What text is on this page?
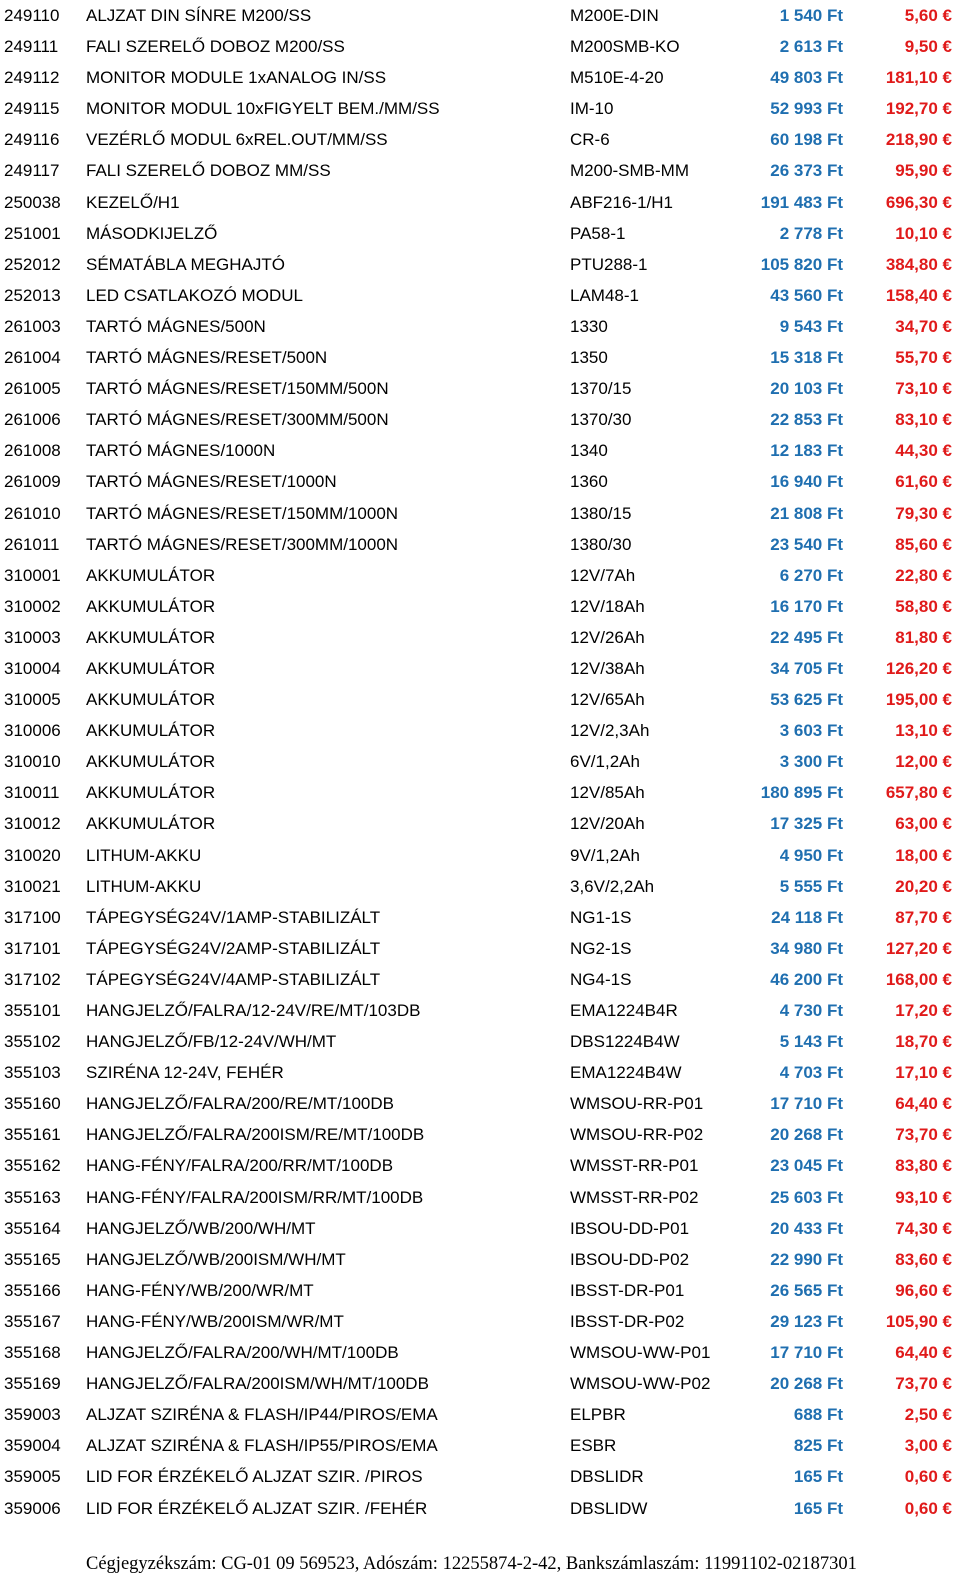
249110 ALJZAT DIN SÍNRE M200/SS	M200E-DIN	1 540 Ft	5,60 €
249111 FALI SZERELŐ DOBOZ M200/SS	M200SMB-KO	2 613 Ft	9,50 €
249112 MONITOR MODULE 1xANALOG IN/SS	M510E-4-20	49 803 Ft	181,10 €
249115 MONITOR MODUL 10xFIGYELT BEM./MM/SS	IM-10	52 993 Ft	192,70 €
249116 VEZÉRLŐ MODUL 6xREL.OUT/MM/SS	CR-6	60 198 Ft	218,90 €
249117 FALI SZERELŐ DOBOZ MM/SS	M200-SMB-MM	26 373 Ft	95,90 €
250038 KEZELŐ/H1	ABF216-1/H1	191 483 Ft	696,30 €
251001 MÁSODKIJELZŐ	PA58-1	2 778 Ft	10,10 €
252012 SÉMATÁBLA MEGHAJTÓ	PTU288-1	105 820 Ft	384,80 €
252013 LED CSATLAKOZÓ MODUL	LAM48-1	43 560 Ft	158,40 €
261003 TARTÓ MÁGNES/500N	1330	9 543 Ft	34,70 €
261004 TARTÓ MÁGNES/RESET/500N	1350	15 318 Ft	55,70 €
261005 TARTÓ MÁGNES/RESET/150MM/500N	1370/15	20 103 Ft	73,10 €
261006 TARTÓ MÁGNES/RESET/300MM/500N	1370/30	22 853 Ft	83,10 €
261008 TARTÓ MÁGNES/1000N	1340	12 183 Ft	44,30 €
261009 TARTÓ MÁGNES/RESET/1000N	1360	16 940 Ft	61,60 €
261010 TARTÓ MÁGNES/RESET/150MM/1000N	1380/15	21 808 Ft	79,30 €
261011 TARTÓ MÁGNES/RESET/300MM/1000N	1380/30	23 540 Ft	85,60 €
310001 AKKUMULÁTOR	12V/7Ah	6 270 Ft	22,80 €
310002 AKKUMULÁTOR	12V/18Ah	16 170 Ft	58,80 €
310003 AKKUMULÁTOR	12V/26Ah	22 495 Ft	81,80 €
310004 AKKUMULÁTOR	12V/38Ah	34 705 Ft	126,20 €
310005 AKKUMULÁTOR	12V/65Ah	53 625 Ft	195,00 €
310006 AKKUMULÁTOR	12V/2,3Ah	3 603 Ft	13,10 €
310010 AKKUMULÁTOR	6V/1,2Ah	3 300 Ft	12,00 €
310011 AKKUMULÁTOR	12V/85Ah	180 895 Ft	657,80 €
310012 AKKUMULÁTOR	12V/20Ah	17 325 Ft	63,00 €
310020 LITHUM-AKKU	9V/1,2Ah	4 950 Ft	18,00 €
310021 LITHUM-AKKU	3,6V/2,2Ah	5 555 Ft	20,20 €
317100 TÁPEGYSÉG24V/1AMP-STABILIZÁLT	NG1-1S	24 118 Ft	87,70 €
317101 TÁPEGYSÉG24V/2AMP-STABILIZÁLT	NG2-1S	34 980 Ft	127,20 €
317102 TÁPEGYSÉG24V/4AMP-STABILIZÁLT	NG4-1S	46 200 Ft	168,00 €
355101 HANGJELZŐ/FALRA/12-24V/RE/MT/103DB	EMA1224B4R	4 730 Ft	17,20 €
355102 HANGJELZŐ/FB/12-24V/WH/MT	DBS1224B4W	5 143 Ft	18,70 €
355103 SZIRÉNA 12-24V, FEHÉR	EMA1224B4W	4 703 Ft	17,10 €
355160 HANGJELZŐ/FALRA/200/RE/MT/100DB	WMSOU-RR-P01	17 710 Ft	64,40 €
355161 HANGJELZŐ/FALRA/200ISM/RE/MT/100DB	WMSOU-RR-P02	20 268 Ft	73,70 €
355162 HANG-FÉNY/FALRA/200/RR/MT/100DB	WMSST-RR-P01	23 045 Ft	83,80 €
355163 HANG-FÉNY/FALRA/200ISM/RR/MT/100DB	WMSST-RR-P02	25 603 Ft	93,10 €
355164 HANGJELZŐ/WB/200/WH/MT	IBSOU-DD-P01	20 433 Ft	74,30 €
355165 HANGJELZŐ/WB/200ISM/WH/MT	IBSOU-DD-P02	22 990 Ft	83,60 €
355166 HANG-FÉNY/WB/200/WR/MT	IBSST-DR-P01	26 565 Ft	96,60 €
355167 HANG-FÉNY/WB/200ISM/WR/MT	IBSST-DR-P02	29 123 Ft	105,90 €
355168 HANGJELZŐ/FALRA/200/WH/MT/100DB	WMSOU-WW-P01	17 710 Ft	64,40 €
355169 HANGJELZŐ/FALRA/200ISM/WH/MT/100DB	WMSOU-WW-P02	20 268 Ft	73,70 €
359003 ALJZAT SZIRÉNA & FLASH/IP44/PIROS/EMA	ELPBR	688 Ft	2,50 €
359004 ALJZAT SZIRÉNA & FLASH/IP55/PIROS/EMA	ESBR	825 Ft	3,00 €
359005 LID FOR ÉRZÉKELŐ ALJZAT SZIR. /PIROS	DBSLIDR	165 Ft	0,60 €
359006 LID FOR ÉRZÉKELŐ ALJZAT SZIR. /FEHÉR	DBSLIDW	165 Ft	0,60 €
Cégjegyzékszám: CG-01 09 569523, Adószám: 12255874-2-42, Bankszámlaszám: 11991102-02187301
